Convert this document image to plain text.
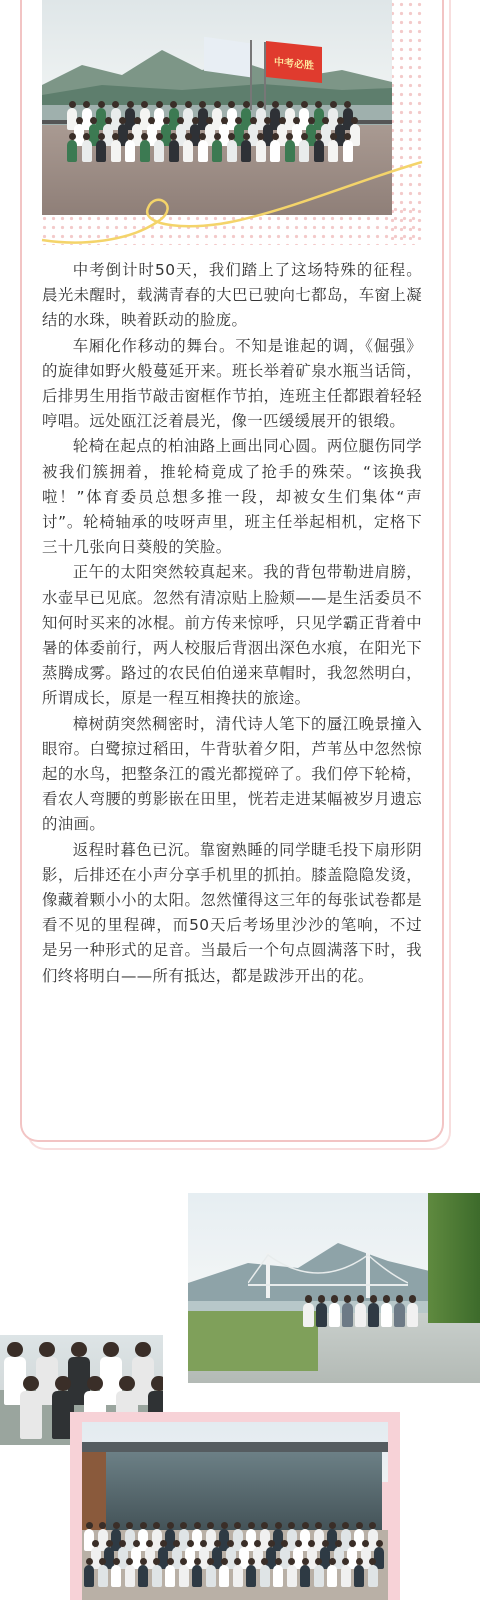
中考必胜

中考倒计时50天，我们踏上了这场特殊的征程。晨光未醒时，载满青春的大巴已驶向七都岛，车窗上凝结的水珠，映着跃动的脸庞。

车厢化作移动的舞台。不知是谁起的调，《倔强》的旋律如野火般蔓延开来。班长举着矿泉水瓶当话筒，后排男生用指节敲击窗框作节拍，连班主任都跟着轻轻哼唱。远处瓯江泛着晨光，像一匹缓缓展开的银缎。

轮椅在起点的柏油路上画出同心圆。两位腿伤同学被我们簇拥着，推轮椅竟成了抢手的殊荣。“该换我啦！”体育委员总想多推一段，却被女生们集体“声讨”。轮椅轴承的吱呀声里，班主任举起相机，定格下三十几张向日葵般的笑脸。

正午的太阳突然较真起来。我的背包带勒进肩膀，水壶早已见底。忽然有清凉贴上脸颊——是生活委员不知何时买来的冰棍。前方传来惊呼，只见学霸正背着中暑的体委前行，两人校服后背洇出深色水痕，在阳光下蒸腾成雾。路过的农民伯伯递来草帽时，我忽然明白，所谓成长，原是一程互相搀扶的旅途。

樟树荫突然稠密时，清代诗人笔下的蜃江晚景撞入眼帘。白鹭掠过稻田，牛背驮着夕阳，芦苇丛中忽然惊起的水鸟，把整条江的霞光都搅碎了。我们停下轮椅，看农人弯腰的剪影嵌在田里，恍若走进某幅被岁月遗忘的油画。

返程时暮色已沉。靠窗熟睡的同学睫毛投下扇形阴影，后排还在小声分享手机里的抓拍。膝盖隐隐发烫，像藏着颗小小的太阳。忽然懂得这三年的每张试卷都是看不见的里程碑，而50天后考场里沙沙的笔响，不过是另一种形式的足音。当最后一个句点圆满落下时，我们终将明白——所有抵达，都是跋涉开出的花。
